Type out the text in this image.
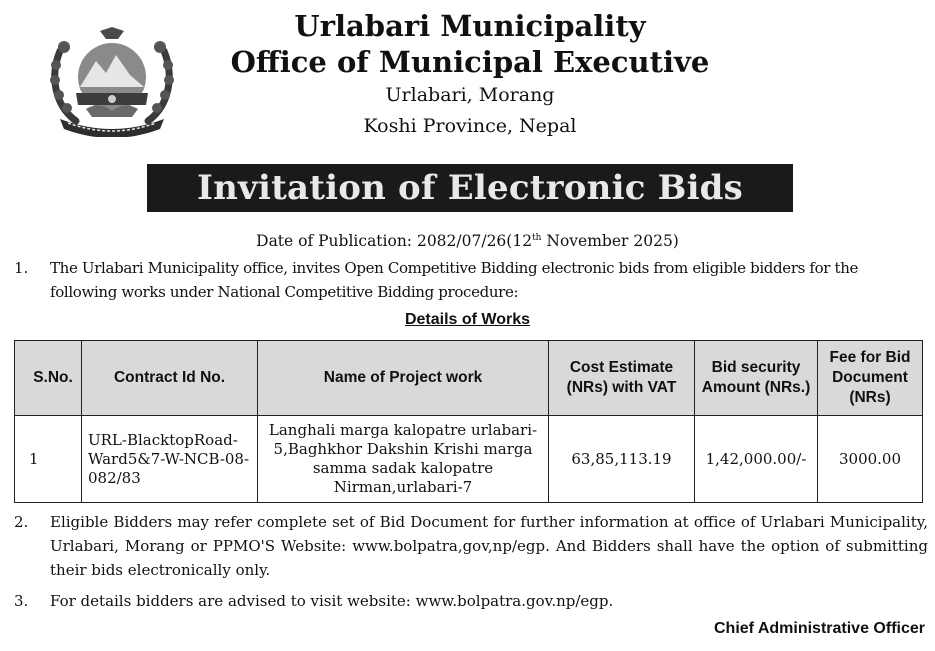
Urlabari Municipality

Office of Municipal Executive

Urlabari, Morang

Koshi Province, Nepal

Invitation of Electronic Bids
Date of Publication: 2082/07/26(12th November 2025)
1. The Urlabari Municipality office, invites Open Competitive Bidding electronic bids from eligible bidders for the following works under National Competitive Bidding procedure:
Details of Works
S.No.	Contract Id No.	Name of Project work	Cost Estimate (NRs) with VAT	Bid security Amount (NRs.)	Fee for Bid Document (NRs)
1	URL-BlacktopRoad-Ward5&7-W-NCB-08-082/83	Langhali marga kalopatre urlabari-5,Baghkhor Dakshin Krishi marga samma sadak kalopatre Nirman,urlabari-7	63,85,113.19	1,42,000.00/-	3000.00
2. Eligible Bidders may refer complete set of Bid Document for further information at office of Urlabari Municipality, Urlabari, Morang or PPMO'S Website: www.bolpatra,gov,np/egp. And Bidders shall have the option of submitting their bids electronically only.
3. For details bidders are advised to visit website: www.bolpatra.gov.np/egp.
Chief Administrative Officer
